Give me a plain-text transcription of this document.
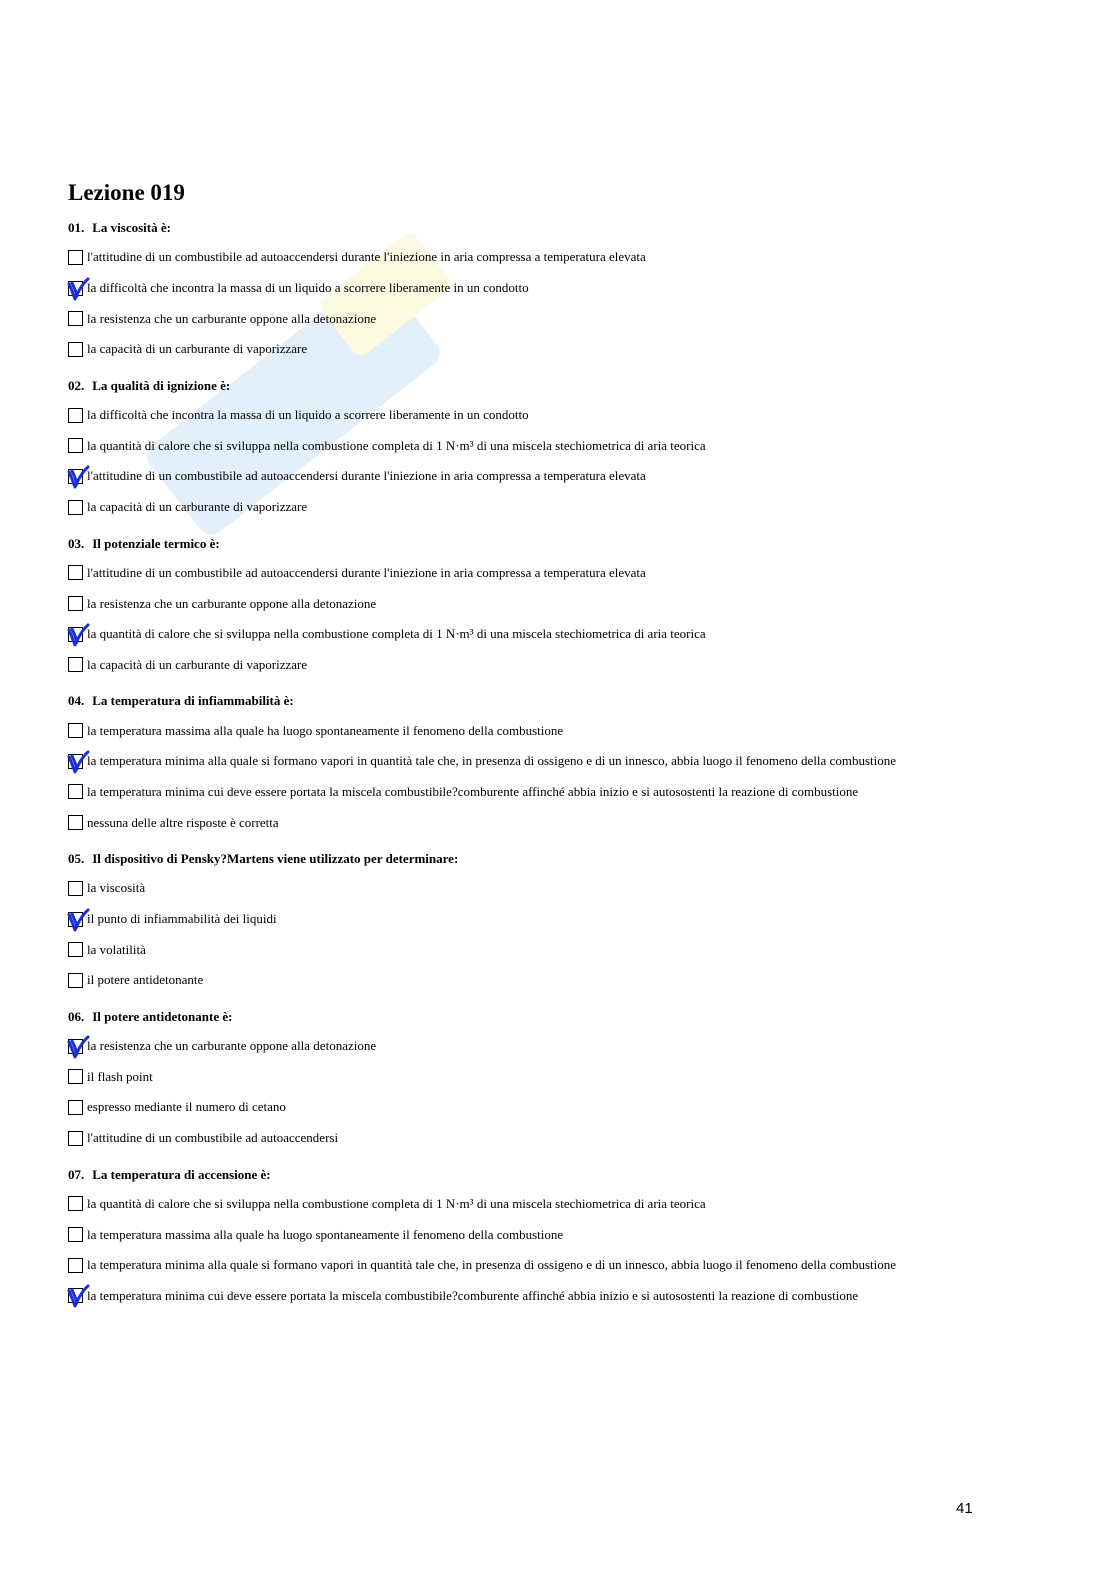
Lezione 019
01. La viscosità è:
l'attitudine di un combustibile ad autoaccendersi durante l'iniezione in aria compressa a temperatura elevata
la difficoltà che incontra la massa di un liquido a scorrere liberamente in un condotto
la resistenza che un carburante oppone alla detonazione
la capacità di un carburante di vaporizzare
02. La qualità di ignizione è:
la difficoltà che incontra la massa di un liquido a scorrere liberamente in un condotto
la quantità di calore che si sviluppa nella combustione completa di 1 N·m³ di una miscela stechiometrica di aria teorica
l'attitudine di un combustibile ad autoaccendersi durante l'iniezione in aria compressa a temperatura elevata
la capacità di un carburante di vaporizzare
03. Il potenziale termico è:
l'attitudine di un combustibile ad autoaccendersi durante l'iniezione in aria compressa a temperatura elevata
la resistenza che un carburante oppone alla detonazione
la quantità di calore che si sviluppa nella combustione completa di 1 N·m³ di una miscela stechiometrica di aria teorica
la capacità di un carburante di vaporizzare
04. La temperatura di infiammabilità è:
la temperatura massima alla quale ha luogo spontaneamente il fenomeno della combustione
la temperatura minima alla quale si formano vapori in quantità tale che, in presenza di ossigeno e di un innesco, abbia luogo il fenomeno della combustione
la temperatura minima cui deve essere portata la miscela combustibile?comburente affinché abbia inizio e si autosostenti la reazione di combustione
nessuna delle altre risposte è corretta
05. Il dispositivo di Pensky?Martens viene utilizzato per determinare:
la viscosità
il punto di infiammabilità dei liquidi
la volatilità
il potere antidetonante
06. Il potere antidetonante è:
la resistenza che un carburante oppone alla detonazione
il flash point
espresso mediante il numero di cetano
l'attitudine di un combustibile ad autoaccendersi
07. La temperatura di accensione è:
la quantità di calore che si sviluppa nella combustione completa di 1 N·m³ di una miscela stechiometrica di aria teorica
la temperatura massima alla quale ha luogo spontaneamente il fenomeno della combustione
la temperatura minima alla quale si formano vapori in quantità tale che, in presenza di ossigeno e di un innesco, abbia luogo il fenomeno della combustione
la temperatura minima cui deve essere portata la miscela combustibile?comburente affinché abbia inizio e si autosostenti la reazione di combustione
41
